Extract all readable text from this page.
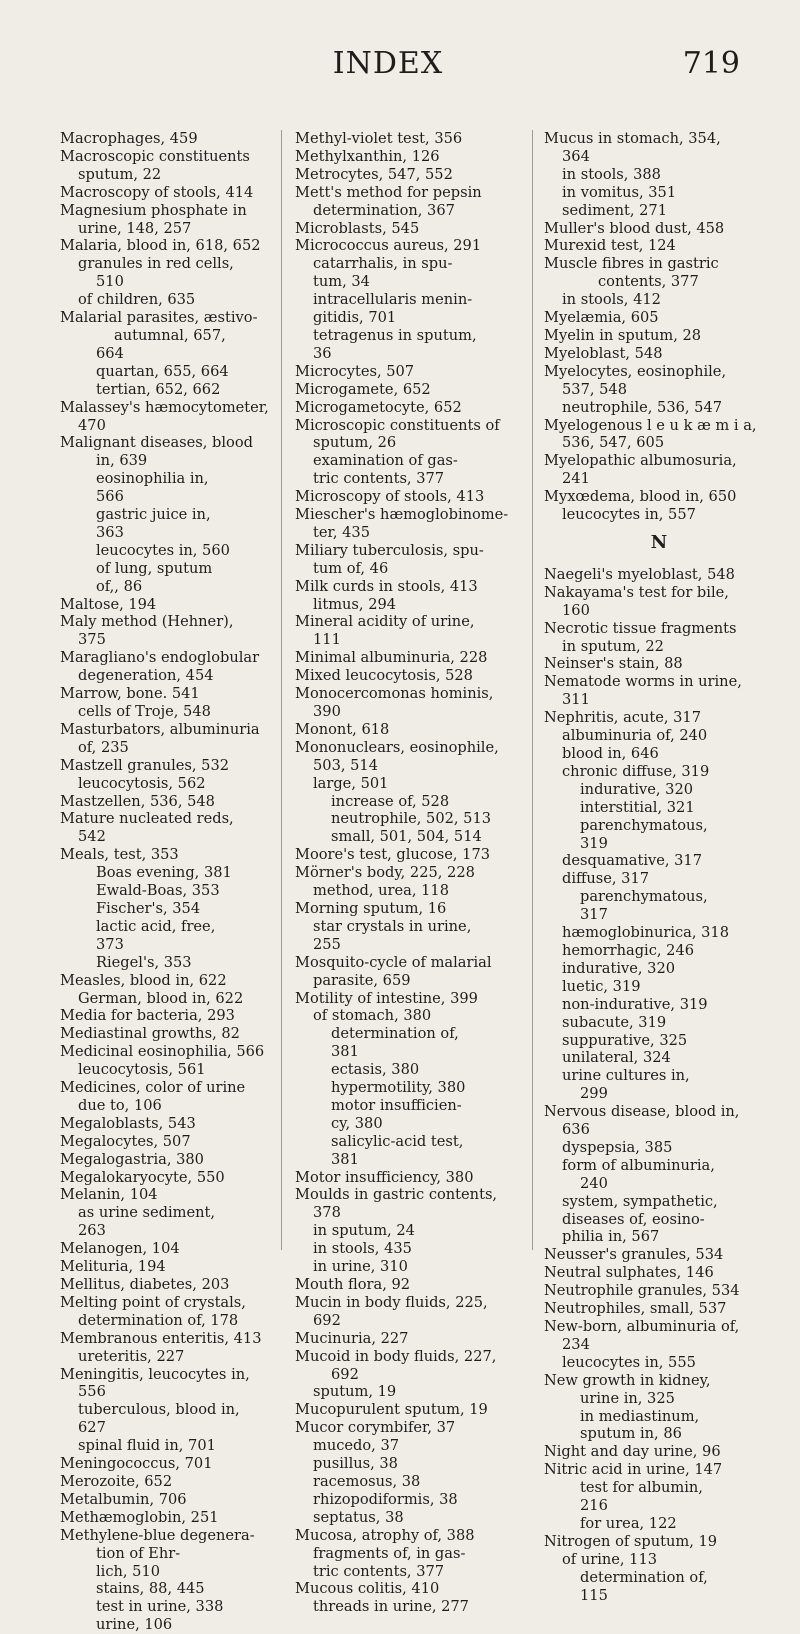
INDEX	719
Macrophages, 459
Macroscopic constituents
sputum, 22
Macroscopy of stools, 414
Magnesium phosphate in
urine, 148, 257
Malaria, blood in, 618, 652
granules in red cells,
510
of children, 635
Malarial parasites, æstivo-
autumnal, 657,
664
quartan, 655, 664
tertian, 652, 662
Malassey's hæmocytometer,
470
Malignant diseases, blood
in, 639
eosinophilia in,
566
gastric juice in,
363
leucocytes in, 560
of lung, sputum
of,, 86
Maltose, 194
Maly method (Hehner),
375
Maragliano's endoglobular
degeneration, 454
Marrow, bone. 541
cells of Troje, 548
Masturbators, albuminuria
of, 235
Mastzell granules, 532
leucocytosis, 562
Mastzellen, 536, 548
Mature nucleated reds,
542
Meals, test, 353
Boas evening, 381
Ewald-Boas, 353
Fischer's, 354
lactic acid, free,
373
Riegel's, 353
Measles, blood in, 622
German, blood in, 622
Media for bacteria, 293
Mediastinal growths, 82
Medicinal eosinophilia, 566
leucocytosis, 561
Medicines, color of urine
due to, 106
Megaloblasts, 543
Megalocytes, 507
Megalogastria, 380
Megalokaryocyte, 550
Melanin, 104
as urine sediment,
263
Melanogen, 104
Melituria, 194
Mellitus, diabetes, 203
Melting point of crystals,
determination of, 178
Membranous enteritis, 413
ureteritis, 227
Meningitis, leucocytes in,
556
tuberculous, blood in,
627
spinal fluid in, 701
Meningococcus, 701
Merozoite, 652
Metalbumin, 706
Methæmoglobin, 251
Methylene-blue degenera-
tion of Ehr-
lich, 510
stains, 88, 445
test in urine, 338
urine, 106
Methyl-violet test, 356
Methylxanthin, 126
Metrocytes, 547, 552
Mett's method for pepsin
determination, 367
Microblasts, 545
Micrococcus aureus, 291
catarrhalis, in spu-
tum, 34
intracellularis menin-
gitidis, 701
tetragenus in sputum,
36
Microcytes, 507
Microgamete, 652
Microgametocyte, 652
Microscopic constituents of
sputum, 26
examination of gas-
tric contents, 377
Microscopy of stools, 413
Miescher's hæmoglobinome-
ter, 435
Miliary tuberculosis, spu-
tum of, 46
Milk curds in stools, 413
litmus, 294
Mineral acidity of urine,
111
Minimal albuminuria, 228
Mixed leucocytosis, 528
Monocercomonas hominis,
390
Monont, 618
Mononuclears, eosinophile,
503, 514
large, 501
increase of, 528
neutrophile, 502, 513
small, 501, 504, 514
Moore's test, glucose, 173
Mörner's body, 225, 228
method, urea, 118
Morning sputum, 16
star crystals in urine,
255
Mosquito-cycle of malarial
parasite, 659
Motility of intestine, 399
of stomach, 380
determination of,
381
ectasis, 380
hypermotility, 380
motor insufficien-
cy, 380
salicylic-acid test,
381
Motor insufficiency, 380
Moulds in gastric contents,
378
in sputum, 24
in stools, 435
in urine, 310
Mouth flora, 92
Mucin in body fluids, 225,
692
Mucinuria, 227
Mucoid in body fluids, 227,
692
sputum, 19
Mucopurulent sputum, 19
Mucor corymbifer, 37
mucedo, 37
pusillus, 38
racemosus, 38
rhizopodiformis, 38
septatus, 38
Mucosa, atrophy of, 388
fragments of, in gas-
tric contents, 377
Mucous colitis, 410
threads in urine, 277
Mucus in stomach, 354,
364
in stools, 388
in vomitus, 351
sediment, 271
Muller's blood dust, 458
Murexid test, 124
Muscle fibres in gastric
contents, 377
in stools, 412
Myelæmia, 605
Myelin in sputum, 28
Myeloblast, 548
Myelocytes, eosinophile,
537, 548
neutrophile, 536, 547
Myelogenous l e u k æ m i a,
536, 547, 605
Myelopathic albumosuria,
241
Myxœdema, blood in, 650
leucocytes in, 557
N
Naegeli's myeloblast, 548
Nakayama's test for bile,
160
Necrotic tissue fragments
in sputum, 22
Neinser's stain, 88
Nematode worms in urine,
311
Nephritis, acute, 317
albuminuria of, 240
blood in, 646
chronic diffuse, 319
indurative, 320
interstitial, 321
parenchymatous,
319
desquamative, 317
diffuse, 317
parenchymatous,
317
hæmoglobinurica, 318
hemorrhagic, 246
indurative, 320
luetic, 319
non-indurative, 319
subacute, 319
suppurative, 325
unilateral, 324
urine cultures in,
299
Nervous disease, blood in,
636
dyspepsia, 385
form of albuminuria,
240
system, sympathetic,
diseases of, eosino-
philia in, 567
Neusser's granules, 534
Neutral sulphates, 146
Neutrophile granules, 534
Neutrophiles, small, 537
New-born, albuminuria of,
234
leucocytes in, 555
New growth in kidney,
urine in, 325
in mediastinum,
sputum in, 86
Night and day urine, 96
Nitric acid in urine, 147
test for albumin,
216
for urea, 122
Nitrogen of sputum, 19
of urine, 113
determination of,
115
